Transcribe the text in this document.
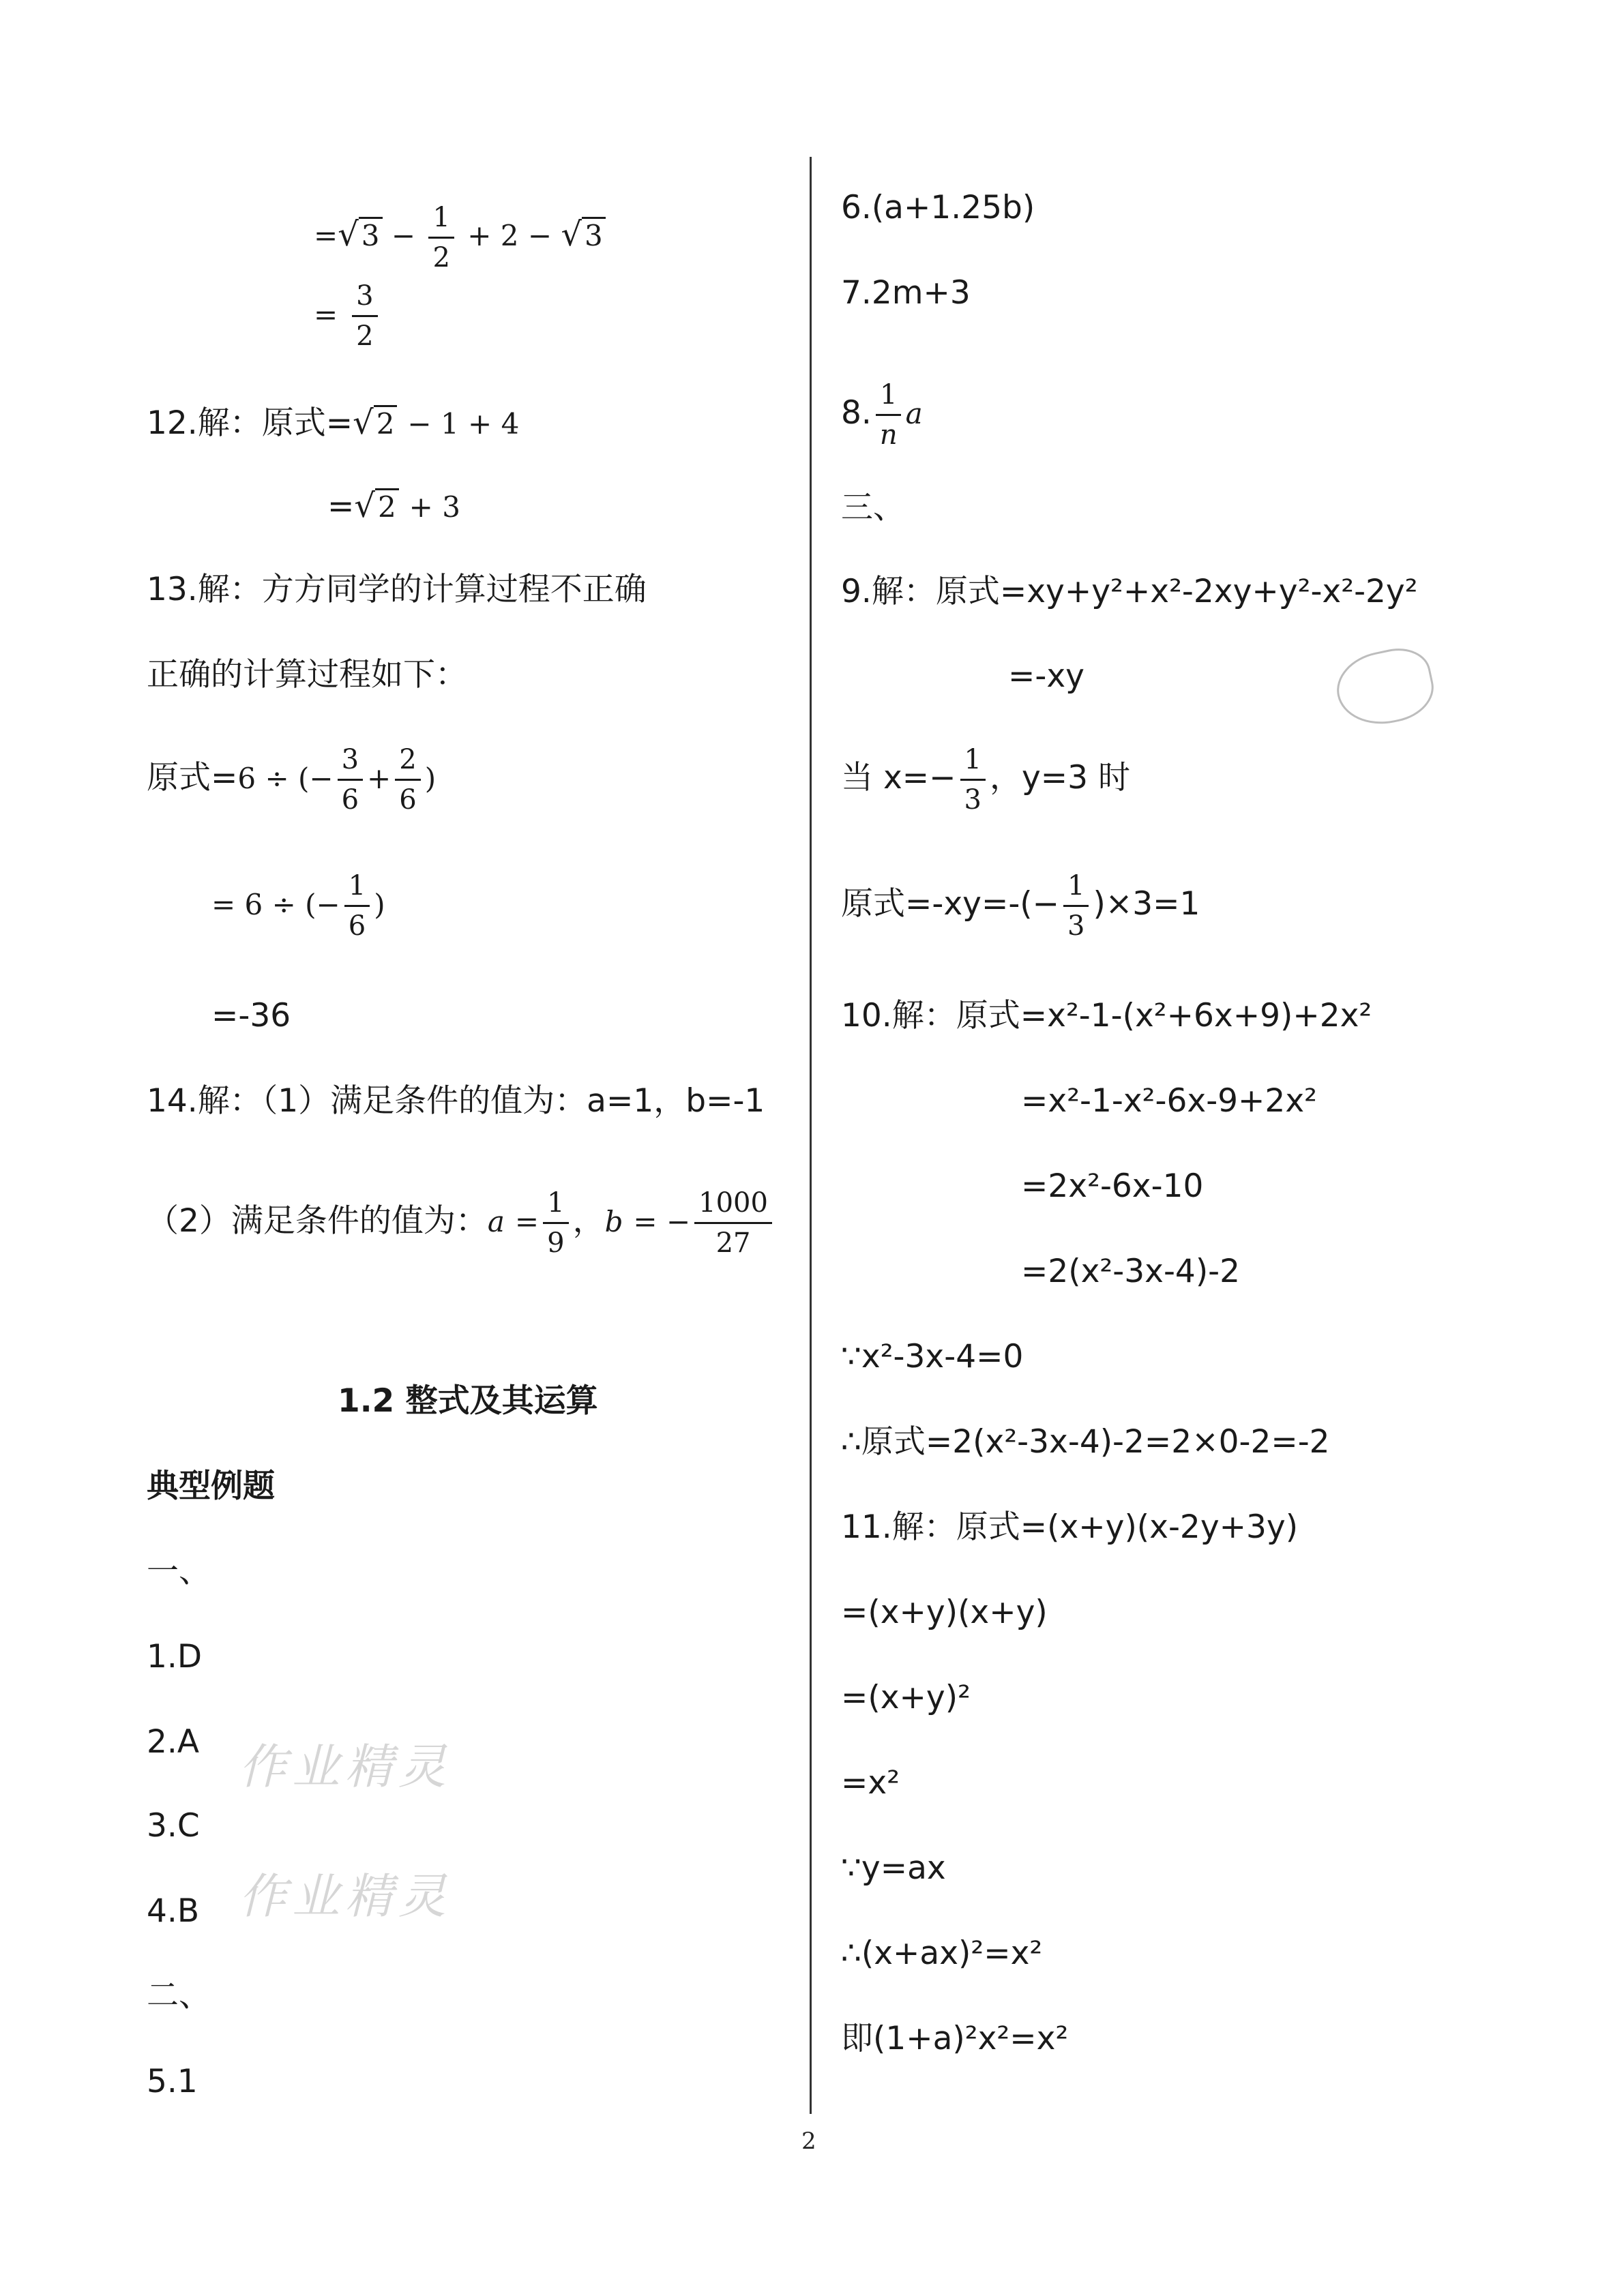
$=√3 - \frac{1}{2} + 2 - √3$
= $\frac{3}{2}$
12.解：原式=√2 − 1 + 4
=√2 + 3
13.解：方方同学的计算过程不正确
正确的计算过程如下：
原式=6 ÷ (− $\frac{3}{6} + \frac{2}{6}$ )
= 6 ÷ (− $\frac{1}{6}$ )
=-36
14.解：（1）满足条件的值为：a=1，b=-1
（2）满足条件的值为：$a = \frac{1}{9}$ ，b = − $\frac{1000}{27}$
1.2 整式及其运算
典型例题
一、
1.D
2.A
3.C
4.B
二、
5.1
作业精灵
作业精灵
6.(a+1.25b)
7.2m+3
8. $\frac{1}{n}$ a
三、
9.解：原式=xy+y²+x²-2xy+y²-x²-2y²
=-xy
当 $x=- \frac{1}{3}$ ，y=3 时
原式$=-xy=-(- \frac{1}{3} )\times 3=1$
10.解：原式=x²-1-(x²+6x+9)+2x²
=x²-1-x²-6x-9+2x²
=2x²-6x-10
=2(x²-3x-4)-2
∵x²-3x-4=0
∴原式=2(x²-3x-4)-2=2×0-2=-2
11.解：原式=(x+y)(x-2y+3y)
=(x+y)(x+y)
=(x+y)²
=x²
∵y=ax
∴(x+ax)²=x²
即(1+a)²x²=x²
2
